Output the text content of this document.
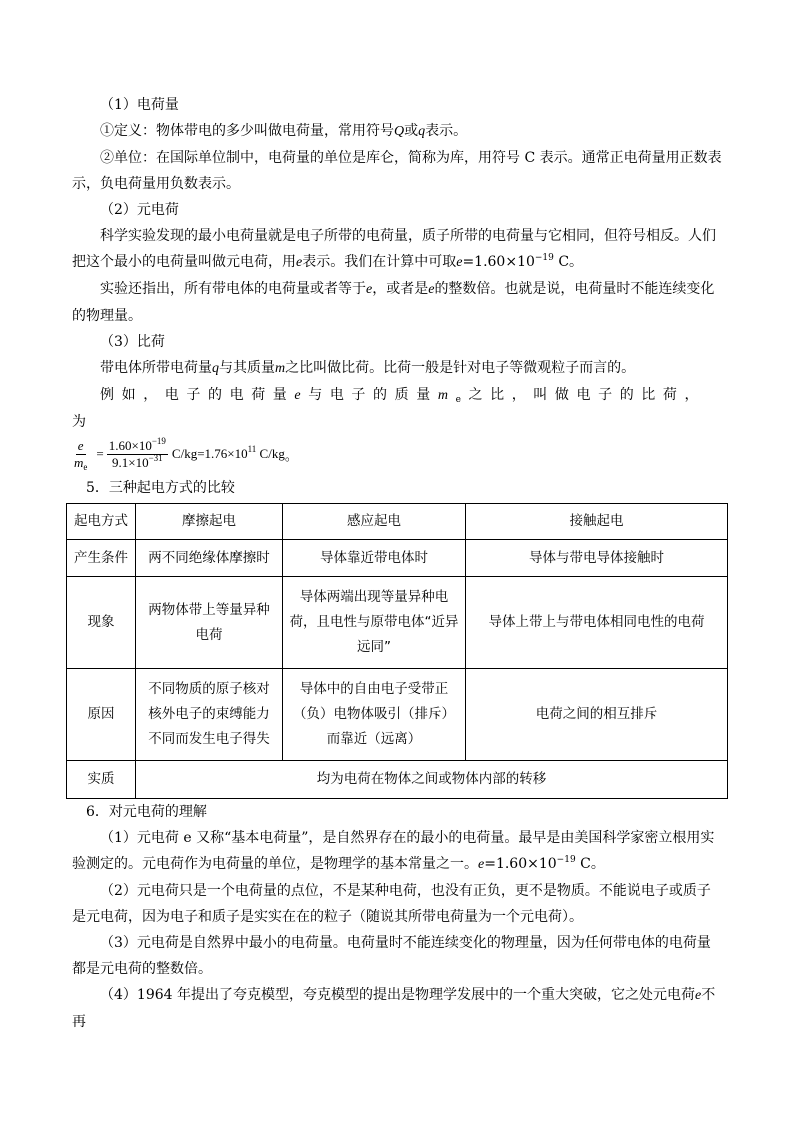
（1）电荷量

①定义：物体带电的多少叫做电荷量，常用符号Q或q表示。

②单位：在国际单位制中，电荷量的单位是库仑，简称为库，用符号 C 表示。通常正电荷量用正数表示，负电荷量用负数表示。

（2）元电荷

科学实验发现的最小电荷量就是电子所带的电荷量，质子所带的电荷量与它相同，但符号相反。人们把这个最小的电荷量叫做元电荷，用e表示。我们在计算中可取$e=1.60\times 10^{-19}$ C。

实验还指出，所有带电体的电荷量或者等于e，或者是e的整数倍。也就是说，电荷量时不能连续变化的物理量。

（3）比荷

带电体所带电荷量q与其质量m之比叫做比荷。比荷一般是针对电子等微观粒子而言的。

例如，电子的电荷量e与电子的质量$m_e$之比，叫做电子的比荷，为

$\frac{e}{m_e} = \frac{1.60\times 10^{-19}}{9.1\times 10^{-31}} C/kg=1.76\times 10^{11}$ C/kg 。

5．三种起电方式的比较

起电方式	摩擦起电	感应起电	接触起电
产生条件	两不同绝缘体摩擦时	导体靠近带电体时	导体与带电导体接触时
现象	两物体带上等量异种电荷	导体两端出现等量异种电荷，且电性与原带电体“近异远同”	导体上带上与带电体相同电性的电荷
原因	不同物质的原子核对核外电子的束缚能力不同而发生电子得失	导体中的自由电子受带正（负）电物体吸引（排斥）而靠近（远离）	电荷之间的相互排斥
实质	均为电荷在物体之间或物体内部的转移		

6．对元电荷的理解

（1）元电荷 e 又称“基本电荷量”，是自然界存在的最小的电荷量。最早是由美国科学家密立根用实验测定的。元电荷作为电荷量的单位，是物理学的基本常量之一。$e=1.60\times 10^{-19}$ C。

（2）元电荷只是一个电荷量的点位，不是某种电荷，也没有正负，更不是物质。不能说电子或质子是元电荷，因为电子和质子是实实在在的粒子（随说其所带电荷量为一个元电荷）。

（3）元电荷是自然界中最小的电荷量。电荷量时不能连续变化的物理量，因为任何带电体的电荷量都是元电荷的整数倍。

（4）1964 年提出了夸克模型，夸克模型的提出是物理学发展中的一个重大突破，它之处元电荷e不再
